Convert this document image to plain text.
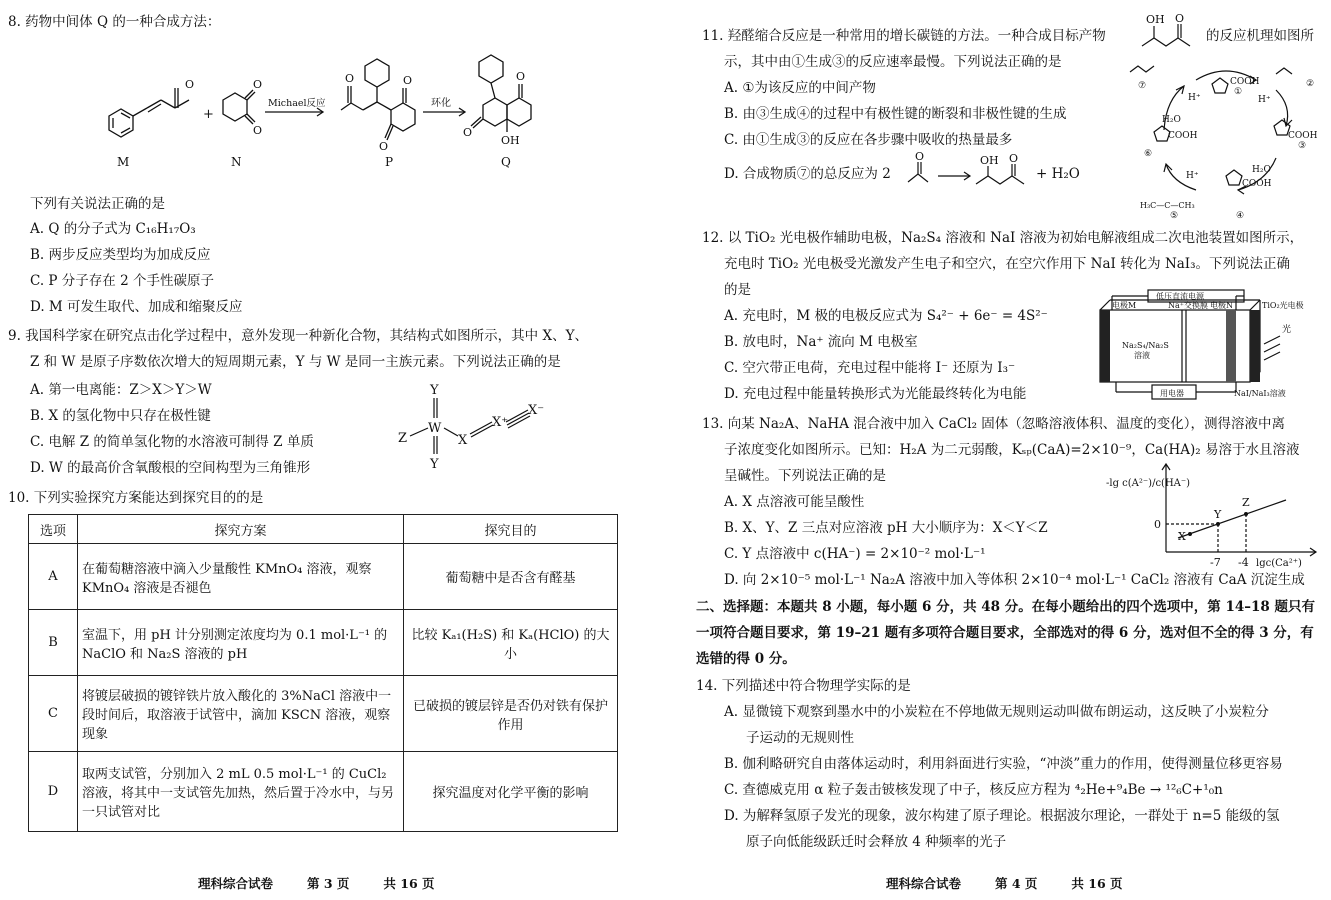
8. 药物中间体 Q 的一种合成方法：
O	O
O
O	O
O
O
O
OH
Michael反应	环化
+
M	N	P	Q
下列有关说法正确的是
A. Q 的分子式为 C₁₆H₁₇O₃
B. 两步反应类型均为加成反应
C. P 分子存在 2 个手性碳原子
D. M 可发生取代、加成和缩聚反应
9. 我国科学家在研究点击化学过程中，意外发现一种新化合物，其结构式如图所示，其中 X、Y、
Z 和 W 是原子序数依次增大的短周期元素，Y 与 W 是同一主族元素。下列说法正确的是
A. 第一电离能：Z＞X＞Y＞W
B. X 的氢化物中只存在极性键
C. 电解 Z 的简单氢化物的水溶液可制得 Z 单质
D. W 的最高价含氧酸根的空间构型为三角锥形
Y
W
Y
Z	X
X⁺
X⁻
10. 下列实验探究方案能达到探究目的的是
选项	探究方案	探究目的
A	在葡萄糖溶液中滴入少量酸性 KMnO₄ 溶液，观察 KMnO₄ 溶液是否褪色	葡萄糖中是否含有醛基
B	室温下，用 pH 计分别测定浓度均为 0.1 mol·L⁻¹ 的 NaClO 和 Na₂S 溶液的 pH	比较 Kₐ₁(H₂S) 和 Kₐ(HClO) 的大小
C	将镀层破损的镀锌铁片放入酸化的 3%NaCl 溶液中一段时间后，取溶液于试管中，滴加 KSCN 溶液，观察现象	已破损的镀层锌是否仍对铁有保护作用
D	取两支试管，分别加入 2 mL 0.5 mol·L⁻¹ 的 CuCl₂ 溶液，将其中一支试管先加热，然后置于冷水中，与另一只试管对比	探究温度对化学平衡的影响
理科综合试卷	第 3 页	共 16 页
11. 羟醛缩合反应是一种常用的增长碳链的方法。一种合成目标产物
OH O
的反应机理如图所
示，其中由①生成③的反应速率最慢。下列说法正确的是
A. ①为该反应的中间产物
B. 由③生成④的过程中有极性键的断裂和非极性键的生成
C. 由①生成③的反应在各步骤中吸收的热量最多
D. 合成物质⑦的总反应为 2
O	OH O
+ H₂O
①
②
③
④
⑤
⑥
⑦
H⁺	H⁺
H⁺
H₂O
H₂O
COOH
COOH
COOH
COOH
H₃C—C—CH₃
12. 以 TiO₂ 光电极作辅助电极，Na₂S₄ 溶液和 NaI 溶液为初始电解液组成二次电池装置如图所示，
充电时 TiO₂ 光电极受光激发产生电子和空穴，在空穴作用下 NaI 转化为 NaI₃。下列说法正确
的是
A. 充电时，M 极的电极反应式为 S₄²⁻ + 6e⁻ = 4S²⁻
B. 放电时，Na⁺ 流向 M 电极室
C. 空穴带正电荷，充电过程中能将 I⁻ 还原为 I₃⁻
D. 充电过程中能量转换形式为光能最终转化为电能
低压直流电源
电极M	Na⁺交换膜 电极N	TiO₂光电极
光
Na₂S₄/Na₂S
溶液
NaI/NaI₃溶液
用电器
13. 向某 Na₂A、NaHA 混合液中加入 CaCl₂ 固体（忽略溶液体积、温度的变化），测得溶液中离
子浓度变化如图所示。已知：H₂A 为二元弱酸，Kₛₚ(CaA)=2×10⁻⁹，Ca(HA)₂ 易溶于水且溶液
呈碱性。下列说法正确的是
A. X 点溶液可能呈酸性
B. X、Y、Z 三点对应溶液 pH 大小顺序为：X＜Y＜Z
C. Y 点溶液中 c(HA⁻) = 2×10⁻² mol·L⁻¹
D. 向 2×10⁻⁵ mol·L⁻¹ Na₂A 溶液中加入等体积 2×10⁻⁴ mol·L⁻¹ CaCl₂ 溶液有 CaA 沉淀生成
-lg c(A²⁻)/c(HA⁻)
0
X
Y
Z
-7 -4 lgc(Ca²⁺)
二、选择题：本题共 8 小题，每小题 6 分，共 48 分。在每小题给出的四个选项中，第 14–18 题只有一项符合题目要求，第 19–21 题有多项符合题目要求，全部选对的得 6 分，选对但不全的得 3 分，有选错的得 0 分。
14. 下列描述中符合物理学实际的是
A. 显微镜下观察到墨水中的小炭粒在不停地做无规则运动叫做布朗运动，这反映了小炭粒分
子运动的无规则性
B. 伽利略研究自由落体运动时，利用斜面进行实验，“冲淡”重力的作用，使得测量位移更容易
C. 查德威克用 α 粒子轰击铍核发现了中子，核反应方程为 ⁴₂He+⁹₄Be → ¹²₆C+¹₀n
D. 为解释氢原子发光的现象，波尔构建了原子理论。根据波尔理论，一群处于 n=5 能级的氢
原子向低能级跃迁时会释放 4 种频率的光子
理科综合试卷	第 4 页	共 16 页
